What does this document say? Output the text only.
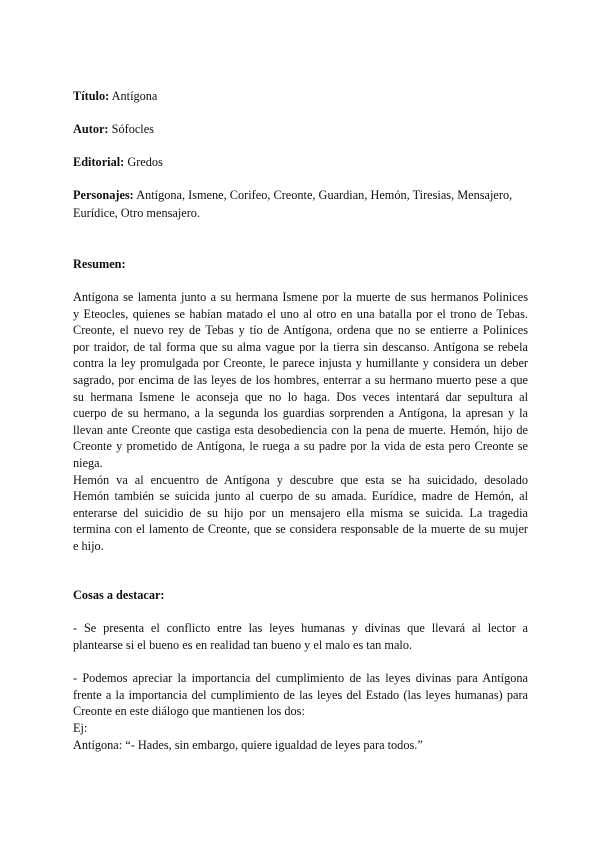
Título: Antígona
Autor: Sófocles
Editorial: Gredos
Personajes: Antígona, Ismene, Corifeo, Creonte, Guardian, Hemón, Tiresias, Mensajero,
Eurídice, Otro mensajero.
Resumen:
Antígona se lamenta junto a su hermana Ismene por la muerte de sus hermanos Polinices
y Eteocles, quienes se habían matado el uno al otro en una batalla por el trono de Tebas.
Creonte, el nuevo rey de Tebas y tío de Antígona, ordena que no se entierre a Polinices
por traidor, de tal forma que su alma vague por la tierra sin descanso. Antígona se rebela
contra la ley promulgada por Creonte, le parece injusta y humillante y considera un deber
sagrado, por encima de las leyes de los hombres, enterrar a su hermano muerto pese a que
su hermana Ismene le aconseja que no lo haga. Dos veces intentará dar sepultura al
cuerpo de su hermano, a la segunda los guardias sorprenden a Antígona, la apresan y la
llevan ante Creonte que castiga esta desobediencia con la pena de muerte. Hemón, hijo de
Creonte y prometido de Antígona, le ruega a su padre por la vida de esta pero Creonte se
niega.
Hemón va al encuentro de Antígona y descubre que esta se ha suicidado, desolado
Hemón también se suicida junto al cuerpo de su amada. Eurídice, madre de Hemón, al
enterarse del suicidio de su hijo por un mensajero ella misma se suicida. La tragedia
termina con el lamento de Creonte, que se considera responsable de la muerte de su mujer
e hijo.
Cosas a destacar:
- Se presenta el conflicto entre las leyes humanas y divinas que llevará al lector a
plantearse si el bueno es en realidad tan bueno y el malo es tan malo.
- Podemos apreciar la importancia del cumplimiento de las leyes divinas para Antígona
frente a la importancia del cumplimiento de las leyes del Estado (las leyes humanas) para
Creonte en este diálogo que mantienen los dos:
Ej:
Antígona: “- Hades, sin embargo, quiere igualdad de leyes para todos.”
